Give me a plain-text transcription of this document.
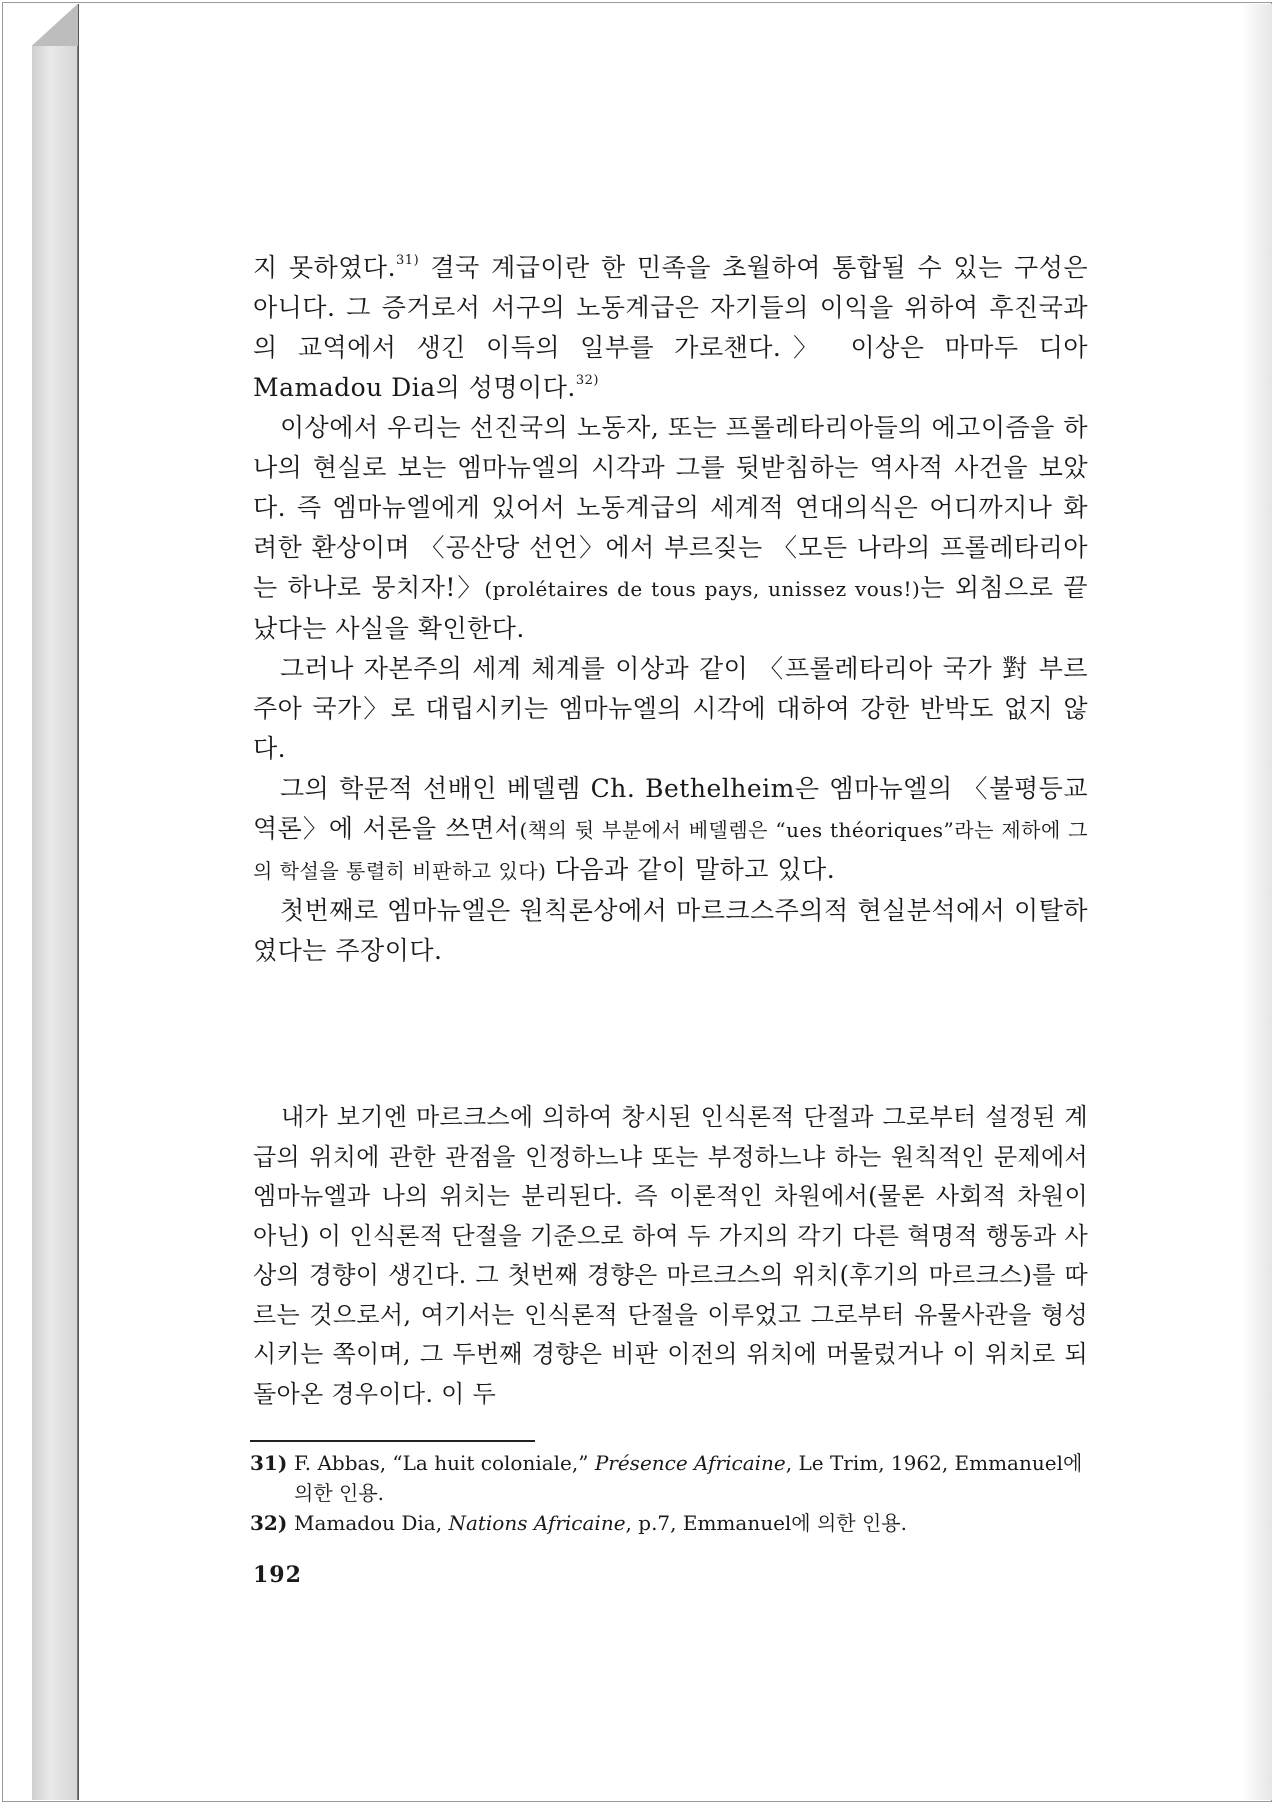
지 못하였다.$^{31)}$ 결국 계급이란 한 민족을 초월하여 통합될 수 있는 구성은 아니다. 그 증거로서 서구의 노동계급은 자기들의 이익을 위하여 후진국과의 교역에서 생긴 이득의 일부를 가로챈다.〉 이상은 마마두 디아 Mamadou Dia의 성명이다.$^{32)}$

이상에서 우리는 선진국의 노동자, 또는 프롤레타리아들의 에고이즘을 하나의 현실로 보는 엠마뉴엘의 시각과 그를 뒷받침하는 역사적 사건을 보았다. 즉 엠마뉴엘에게 있어서 노동계급의 세계적 연대의식은 어디까지나 화려한 환상이며 〈공산당 선언〉에서 부르짖는 〈모든 나라의 프롤레타리아는 하나로 뭉치자!〉(prolétaires de tous pays, unissez vous!)는 외침으로 끝났다는 사실을 확인한다.

그러나 자본주의 세계 체계를 이상과 같이 〈프롤레타리아 국가 對 부르주아 국가〉로 대립시키는 엠마뉴엘의 시각에 대하여 강한 반박도 없지 않다.

그의 학문적 선배인 베델렘 Ch. Bethelheim은 엠마뉴엘의 〈불평등교역론〉에 서론을 쓰면서(책의 뒷 부분에서 베델렘은 “ues théoriques”라는 제하에 그의 학설을 통렬히 비판하고 있다) 다음과 같이 말하고 있다.

첫번째로 엠마뉴엘은 원칙론상에서 마르크스주의적 현실분석에서 이탈하였다는 주장이다.

내가 보기엔 마르크스에 의하여 창시된 인식론적 단절과 그로부터 설정된 계급의 위치에 관한 관점을 인정하느냐 또는 부정하느냐 하는 원칙적인 문제에서 엠마뉴엘과 나의 위치는 분리된다. 즉 이론적인 차원에서(물론 사회적 차원이 아닌) 이 인식론적 단절을 기준으로 하여 두 가지의 각기 다른 혁명적 행동과 사상의 경향이 생긴다. 그 첫번째 경향은 마르크스의 위치(후기의 마르크스)를 따르는 것으로서, 여기서는 인식론적 단절을 이루었고 그로부터 유물사관을 형성시키는 쪽이며, 그 두번째 경향은 비판 이전의 위치에 머물렀거나 이 위치로 되돌아온 경우이다. 이 두

31) F. Abbas, “La huit coloniale,” Présence Africaine, Le Trim, 1962, Emmanuel에 의한 인용.
32) Mamadou Dia, Nations Africaine, p.7, Emmanuel에 의한 인용.
192
